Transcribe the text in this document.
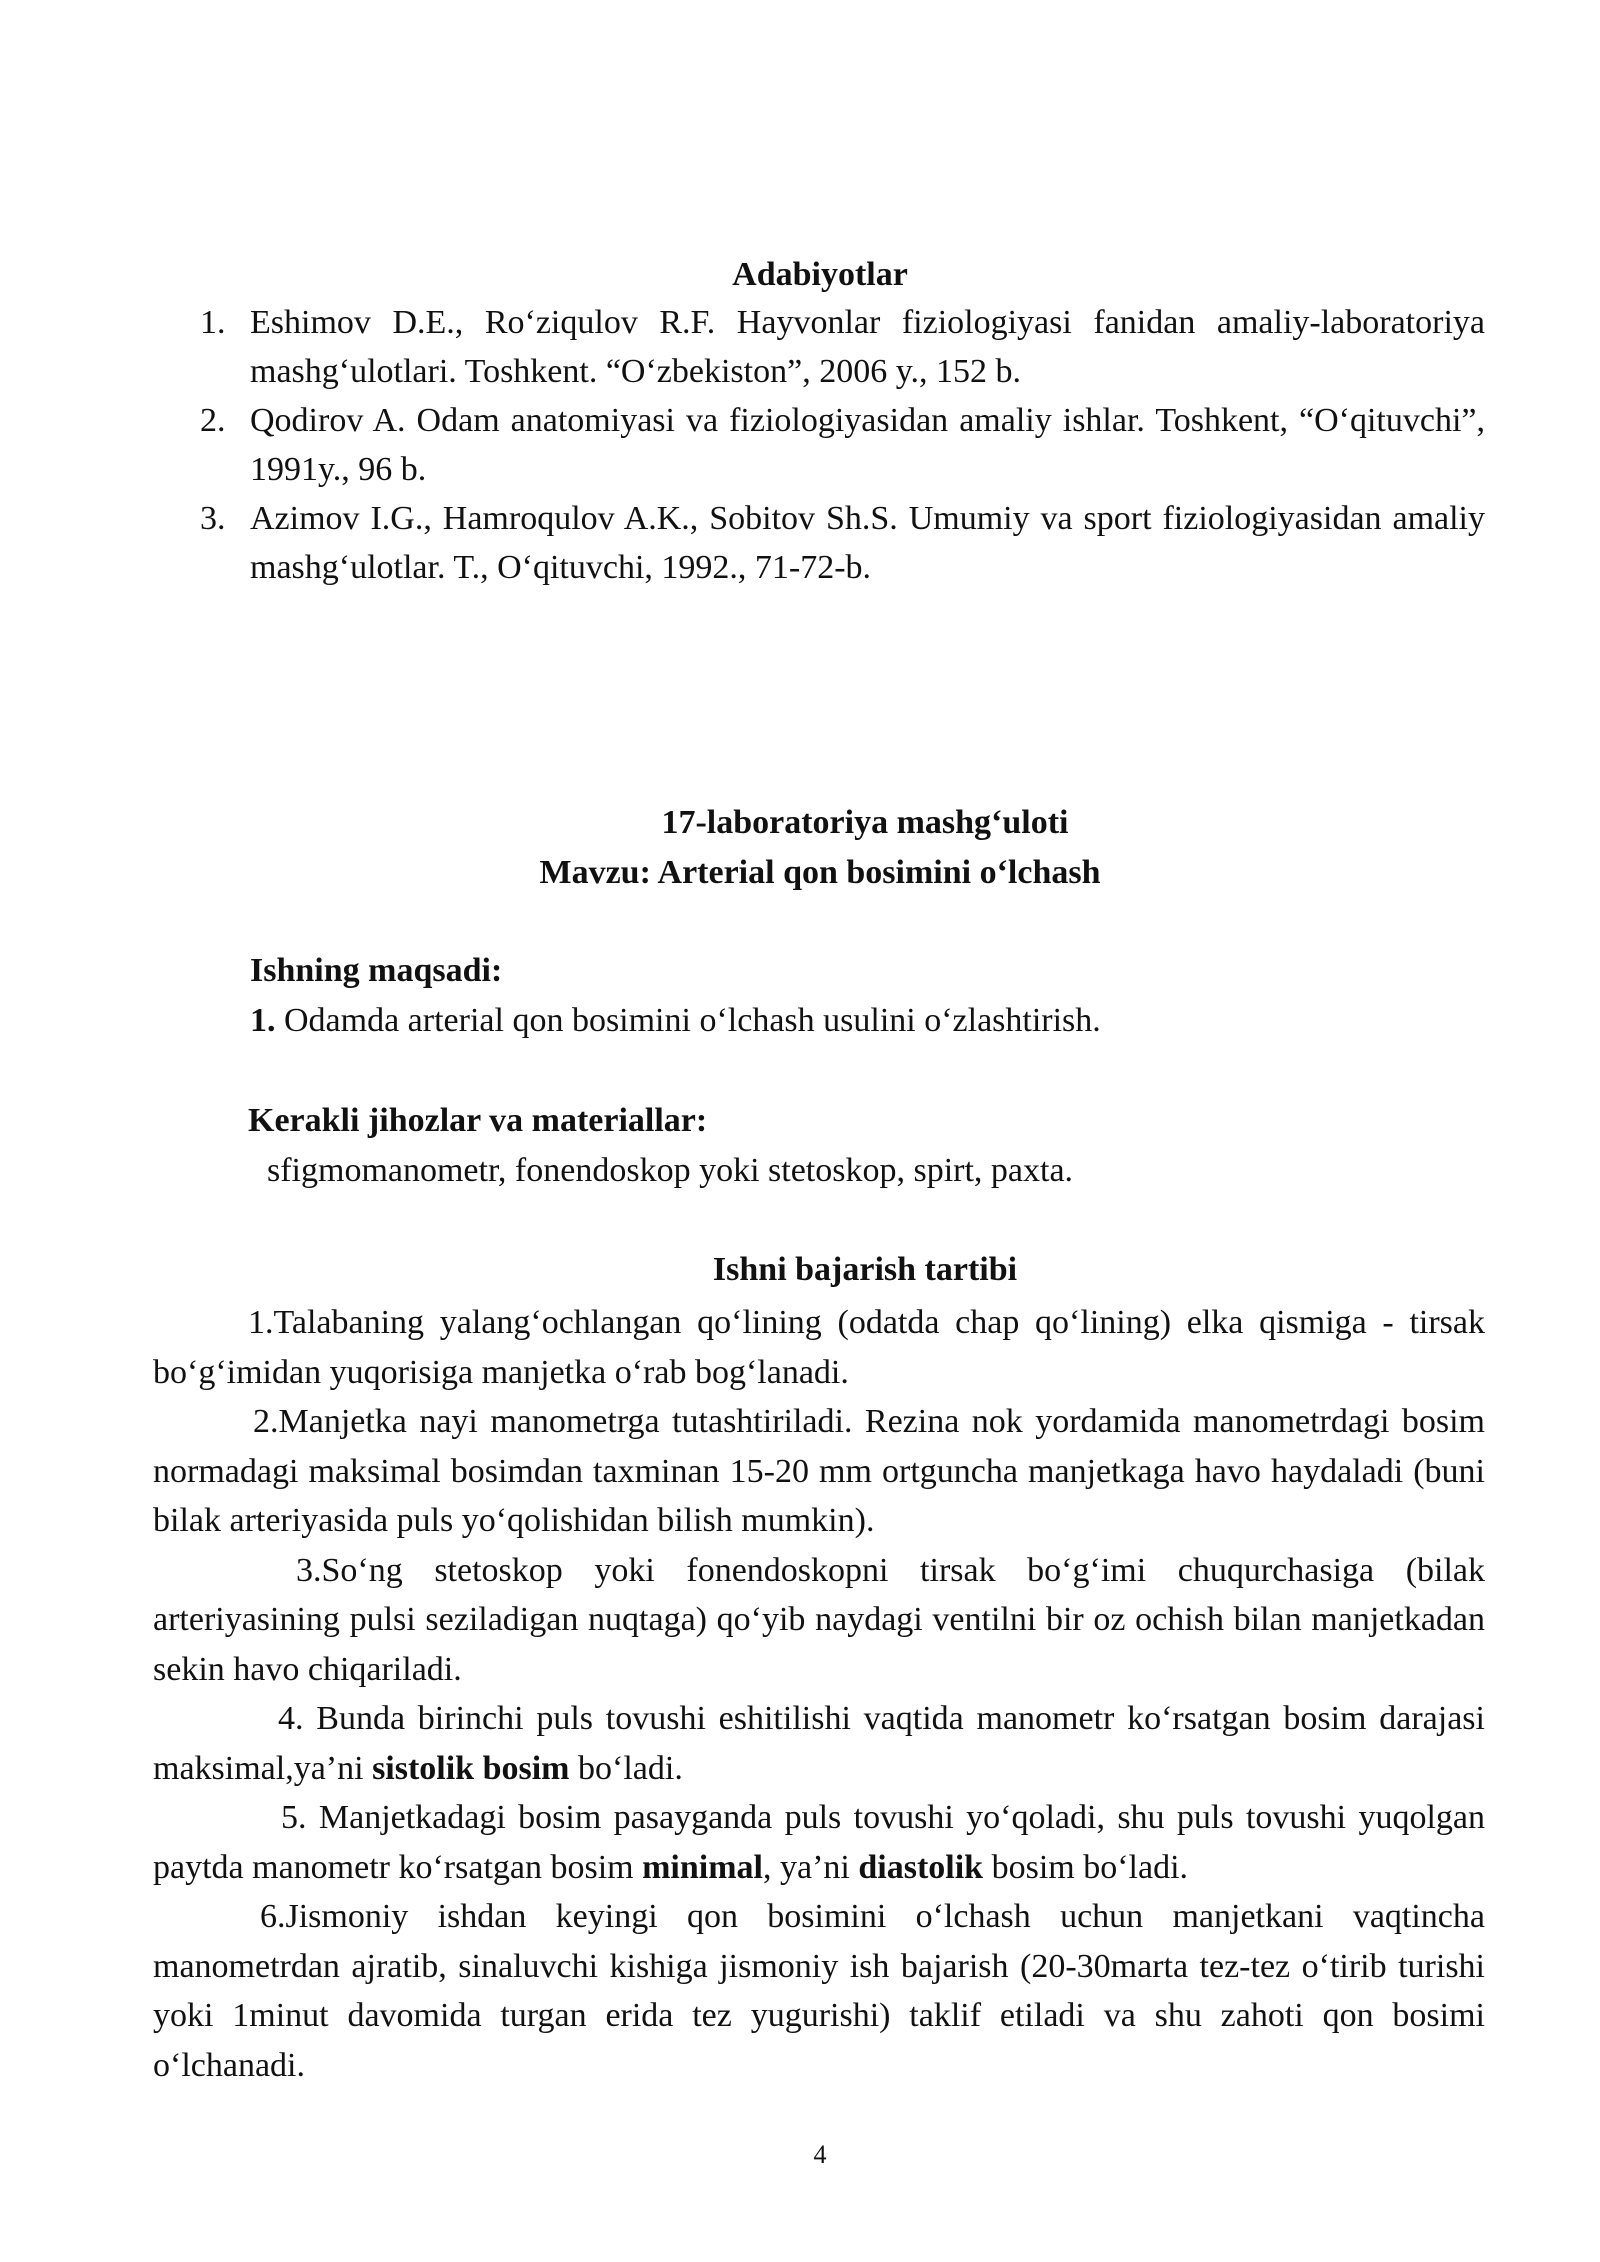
Adabiyotlar
1. Eshimov D.E., Ro‘ziqulov R.F. Hayvonlar fiziologiyasi fanidan amaliy-laboratoriya mashg‘ulotlari. Toshkent. “O‘zbekiston”, 2006 y., 152 b.
2. Qodirov A. Odam anatomiyasi va fiziologiyasidan amaliy ishlar. Toshkent, “O‘qituvchi”, 1991y., 96 b.
3. Azimov I.G., Hamroqulov A.K., Sobitov Sh.S. Umumiy va sport fiziologiyasidan amaliy mashg‘ulotlar. T., O‘qituvchi, 1992., 71-72-b.
17-laboratoriya mashg‘uloti
Mavzu: Arterial qon bosimini o‘lchash
Ishning maqsadi:
1. Odamda arterial qon bosimini o‘lchash usulini o‘zlashtirish.
Kerakli jihozlar va materiallar:
sfigmomanometr, fonendoskop yoki stetoskop, spirt, paxta.
Ishni bajarish tartibi

1.Talabaning yalang‘ochlangan qo‘lining (odatda chap qo‘lining) elka qismiga - tirsak bo‘g‘imidan yuqorisiga manjetka o‘rab bog‘lanadi.

2.Manjetka nayi manometrga tutashtiriladi. Rezina nok yordamida manometrdagi bosim normadagi maksimal bosimdan taxminan 15-20 mm ortguncha manjetkaga havo haydaladi (buni bilak arteriyasida puls yo‘qolishidan bilish mumkin).

3.So‘ng stetoskop yoki fonendoskopni tirsak bo‘g‘imi chuqurchasiga (bilak arteriyasining pulsi seziladigan nuqtaga) qo‘yib naydagi ventilni bir oz ochish bilan manjetkadan sekin havo chiqariladi.

4. Bunda birinchi puls tovushi eshitilishi vaqtida manometr ko‘rsatgan bosim darajasi maksimal,ya’ni sistolik bosim bo‘ladi.

5. Manjetkadagi bosim pasayganda puls tovushi yo‘qoladi, shu puls tovushi yuqolgan paytda manometr ko‘rsatgan bosim minimal, ya’ni diastolik bosim bo‘ladi.

6.Jismoniy ishdan keyingi qon bosimini o‘lchash uchun manjetkani vaqtincha manometrdan ajratib, sinaluvchi kishiga jismoniy ish bajarish (20-30marta tez-tez o‘tirib turishi yoki 1minut davomida turgan erida tez yugurishi) taklif etiladi va shu zahoti qon bosimi o‘lchanadi.

4
